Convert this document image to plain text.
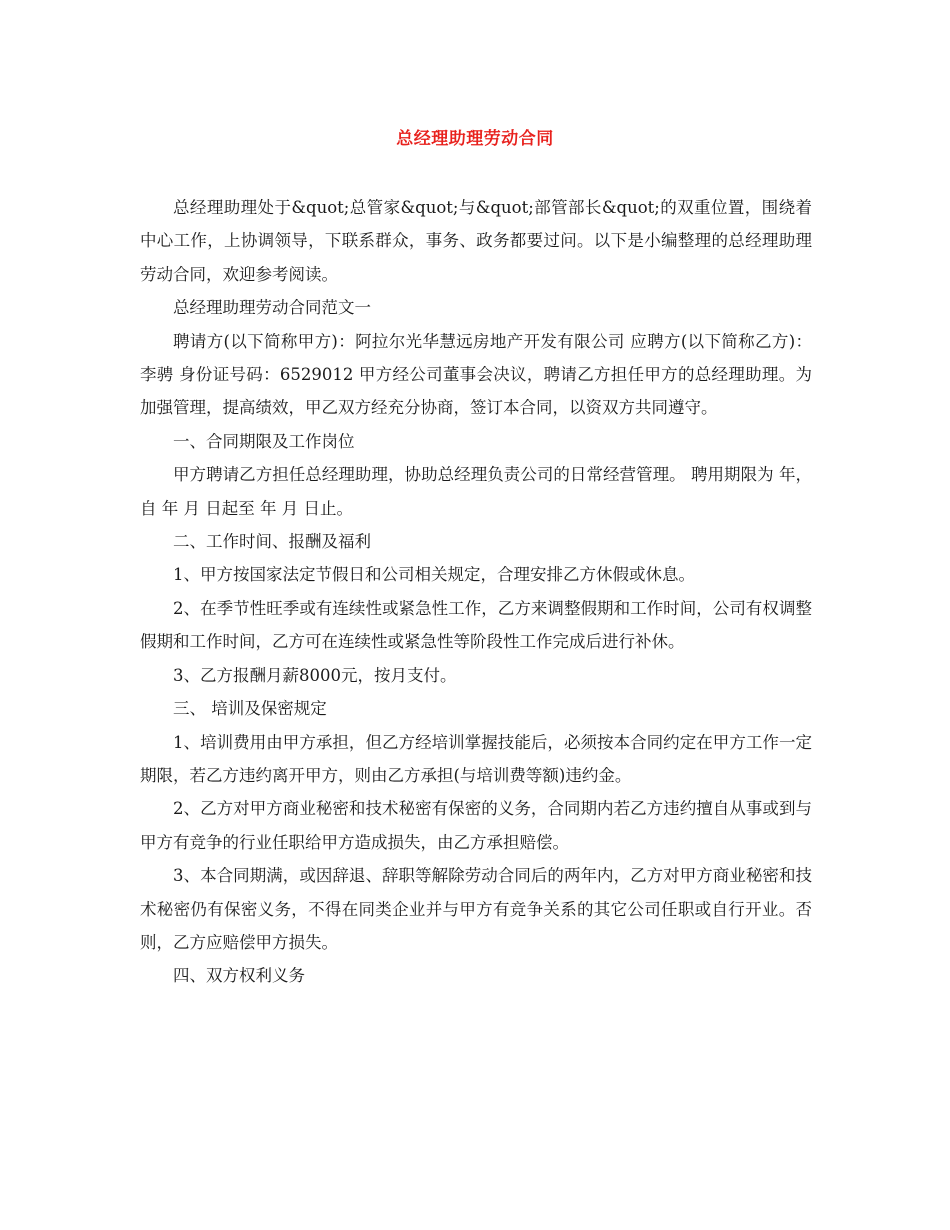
总经理助理劳动合同

总经理助理处于&quot;总管家&quot;与&quot;部管部长&quot;的双重位置，围绕着中心工作，上协调领导，下联系群众，事务、政务都要过问。以下是小编整理的总经理助理劳动合同，欢迎参考阅读。

总经理助理劳动合同范文一

聘请方(以下简称甲方)：阿拉尔光华慧远房地产开发有限公司 应聘方(以下简称乙方)：李骋 身份证号码：6529012 甲方经公司董事会决议，聘请乙方担任甲方的总经理助理。为加强管理，提高绩效，甲乙双方经充分协商，签订本合同，以资双方共同遵守。

一、合同期限及工作岗位

甲方聘请乙方担任总经理助理，协助总经理负责公司的日常经营管理。 聘用期限为 年，自 年 月 日起至 年 月 日止。

二、工作时间、报酬及福利

1、甲方按国家法定节假日和公司相关规定，合理安排乙方休假或休息。

2、在季节性旺季或有连续性或紧急性工作，乙方来调整假期和工作时间，公司有权调整假期和工作时间，乙方可在连续性或紧急性等阶段性工作完成后进行补休。

3、乙方报酬月薪8000元，按月支付。

三、 培训及保密规定

1、培训费用由甲方承担，但乙方经培训掌握技能后，必须按本合同约定在甲方工作一定期限，若乙方违约离开甲方，则由乙方承担(与培训费等额)违约金。

2、乙方对甲方商业秘密和技术秘密有保密的义务，合同期内若乙方违约擅自从事或到与甲方有竞争的行业任职给甲方造成损失，由乙方承担赔偿。

3、本合同期满，或因辞退、辞职等解除劳动合同后的两年内，乙方对甲方商业秘密和技术秘密仍有保密义务，不得在同类企业并与甲方有竞争关系的其它公司任职或自行开业。否则，乙方应赔偿甲方损失。

四、双方权利义务
